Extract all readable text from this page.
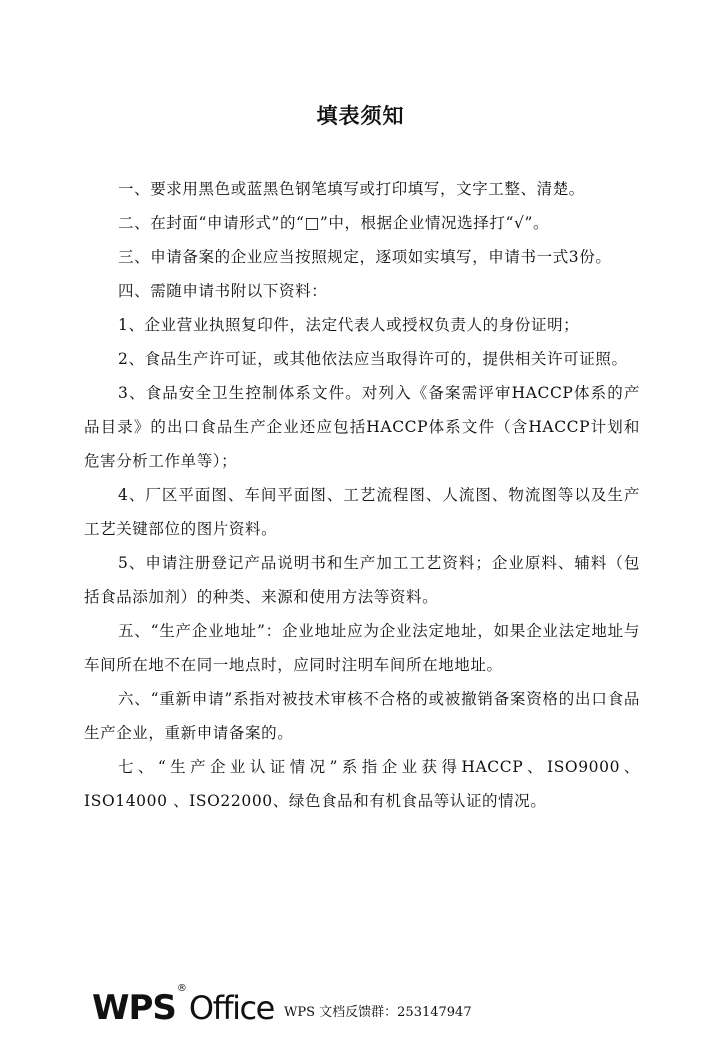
填表须知

一、要求用黑色或蓝黑色钢笔填写或打印填写，文字工整、清楚。

二、在封面“申请形式”的“□”中，根据企业情况选择打“√”。

三、申请备案的企业应当按照规定，逐项如实填写，申请书一式3份。

四、需随申请书附以下资料：

1、企业营业执照复印件，法定代表人或授权负责人的身份证明；

2、食品生产许可证，或其他依法应当取得许可的，提供相关许可证照。

3、食品安全卫生控制体系文件。对列入《备案需评审HACCP体系的产品目录》的出口食品生产企业还应包括HACCP体系文件（含HACCP计划和危害分析工作单等）；

4、厂区平面图、车间平面图、工艺流程图、人流图、物流图等以及生产工艺关键部位的图片资料。

5、申请注册登记产品说明书和生产加工工艺资料；企业原料、辅料（包括食品添加剂）的种类、来源和使用方法等资料。

五、“生产企业地址”：企业地址应为企业法定地址，如果企业法定地址与车间所在地不在同一地点时，应同时注明车间所在地地址。

六、“重新申请”系指对被技术审核不合格的或被撤销备案资格的出口食品生产企业，重新申请备案的。

七、“生产企业认证情况”系指企业获得HACCP、ISO9000、ISO14000 、ISO22000、绿色食品和有机食品等认证的情况。

WPS ®
Office WPS 文档反馈群：253147947
